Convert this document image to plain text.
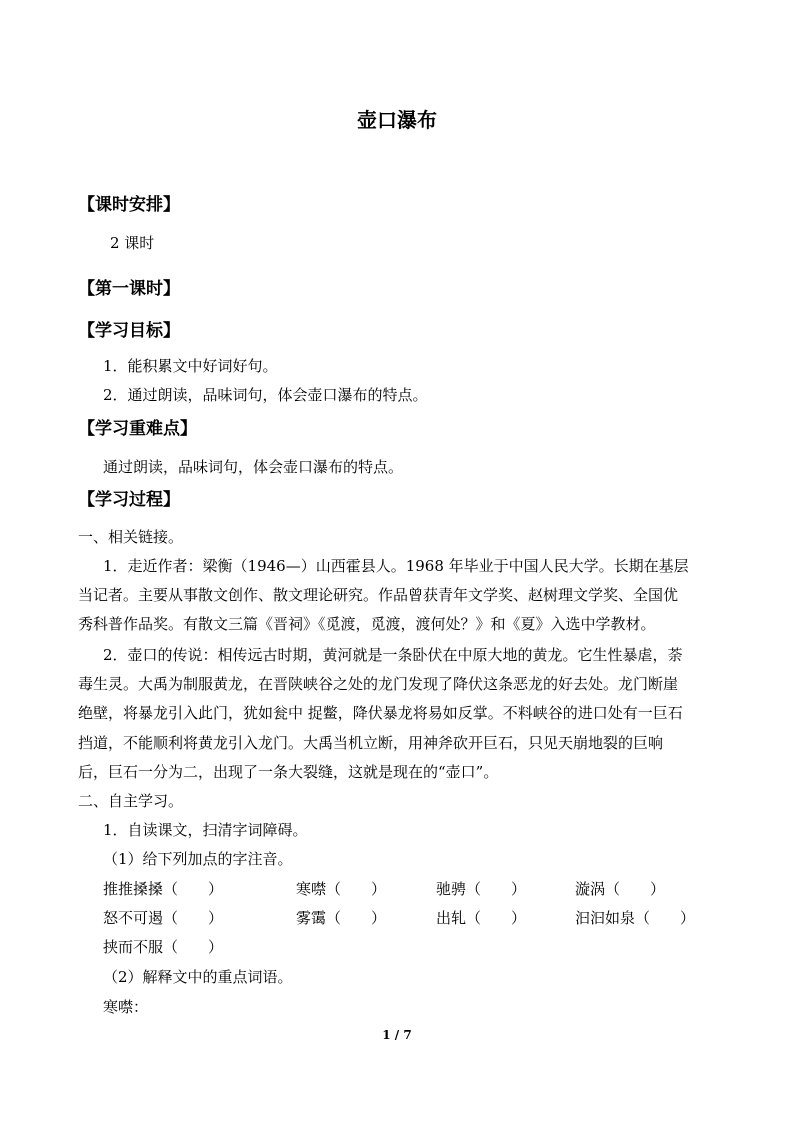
壶口瀑布
【课时安排】
2 课时
【第一课时】
【学习目标】
1．能积累文中好词好句。
2．通过朗读，品味词句，体会壶口瀑布的特点。
【学习重难点】
通过朗读，品味词句，体会壶口瀑布的特点。
【学习过程】
一、相关链接。
1．走近作者：梁衡（1946—）山西霍县人。1968 年毕业于中国人民大学。长期在基层
当记者。主要从事散文创作、散文理论研究。作品曾获青年文学奖、赵树理文学奖、全国优
秀科普作品奖。有散文三篇《晋祠》《觅渡，觅渡，渡何处？》和《夏》入选中学教材。
2．壶口的传说：相传远古时期，黄河就是一条卧伏在中原大地的黄龙。它生性暴虐，荼
毒生灵。大禹为制服黄龙，在晋陕峡谷之处的龙门发现了降伏这条恶龙的好去处。龙门断崖
绝壁，将暴龙引入此门，犹如瓮中 捉鳖，降伏暴龙将易如反掌。不料峡谷的进口处有一巨石
挡道，不能顺利将黄龙引入龙门。大禹当机立断，用神斧砍开巨石，只见天崩地裂的巨响
后，巨石一分为二，出现了一条大裂缝，这就是现在的“壶口”。
二、自主学习。
1．自读课文，扫清字词障碍。
（1）给下列加点的字注音。
推推搡搡（　　）	寒噤（　　）	驰骋（　　）	漩涡（　　）
怒不可遏（　　）	雾霭（　　）	出轧（　　）	汩汩如泉（　　）
挟而不服（　　）
（2）解释文中的重点词语。
寒噤：
1 / 7
